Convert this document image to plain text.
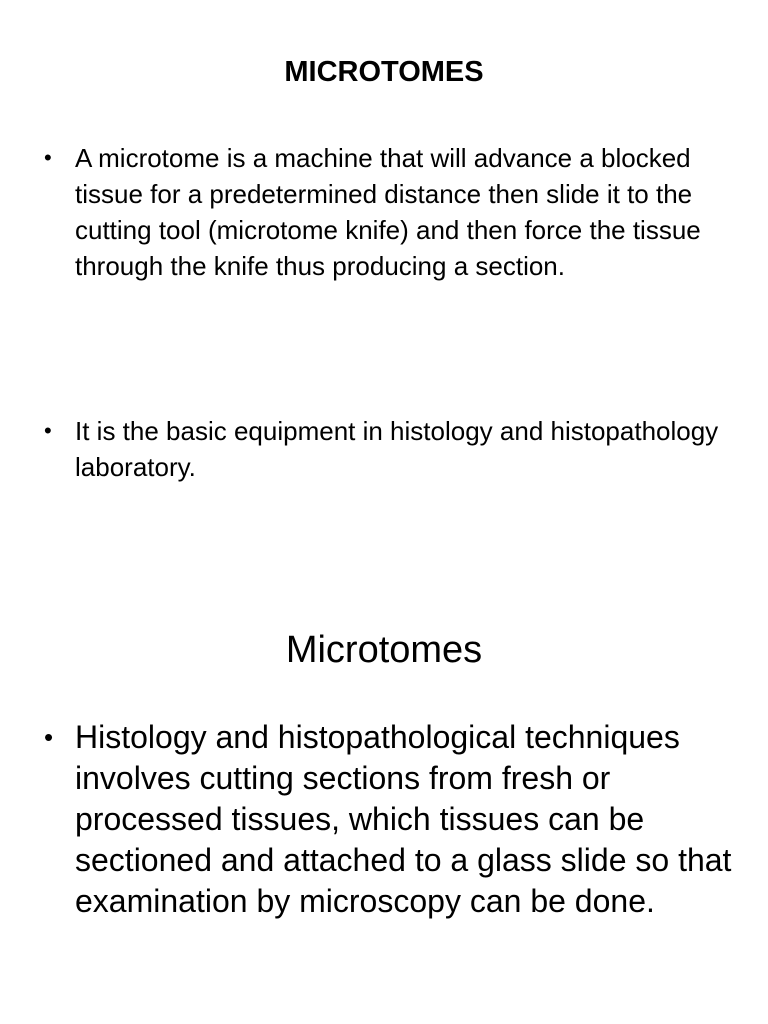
MICROTOMES
• A microtome is a machine that will advance a blocked tissue for a predetermined distance then slide it to the cutting tool (microtome knife) and then force the tissue through the knife thus producing a section.
• It is the basic equipment in histology and histopathology laboratory.
Microtomes
• Histology and histopathological techniques involves cutting sections from fresh or processed tissues, which tissues can be sectioned and attached to a glass slide so that examination by microscopy can be done.
